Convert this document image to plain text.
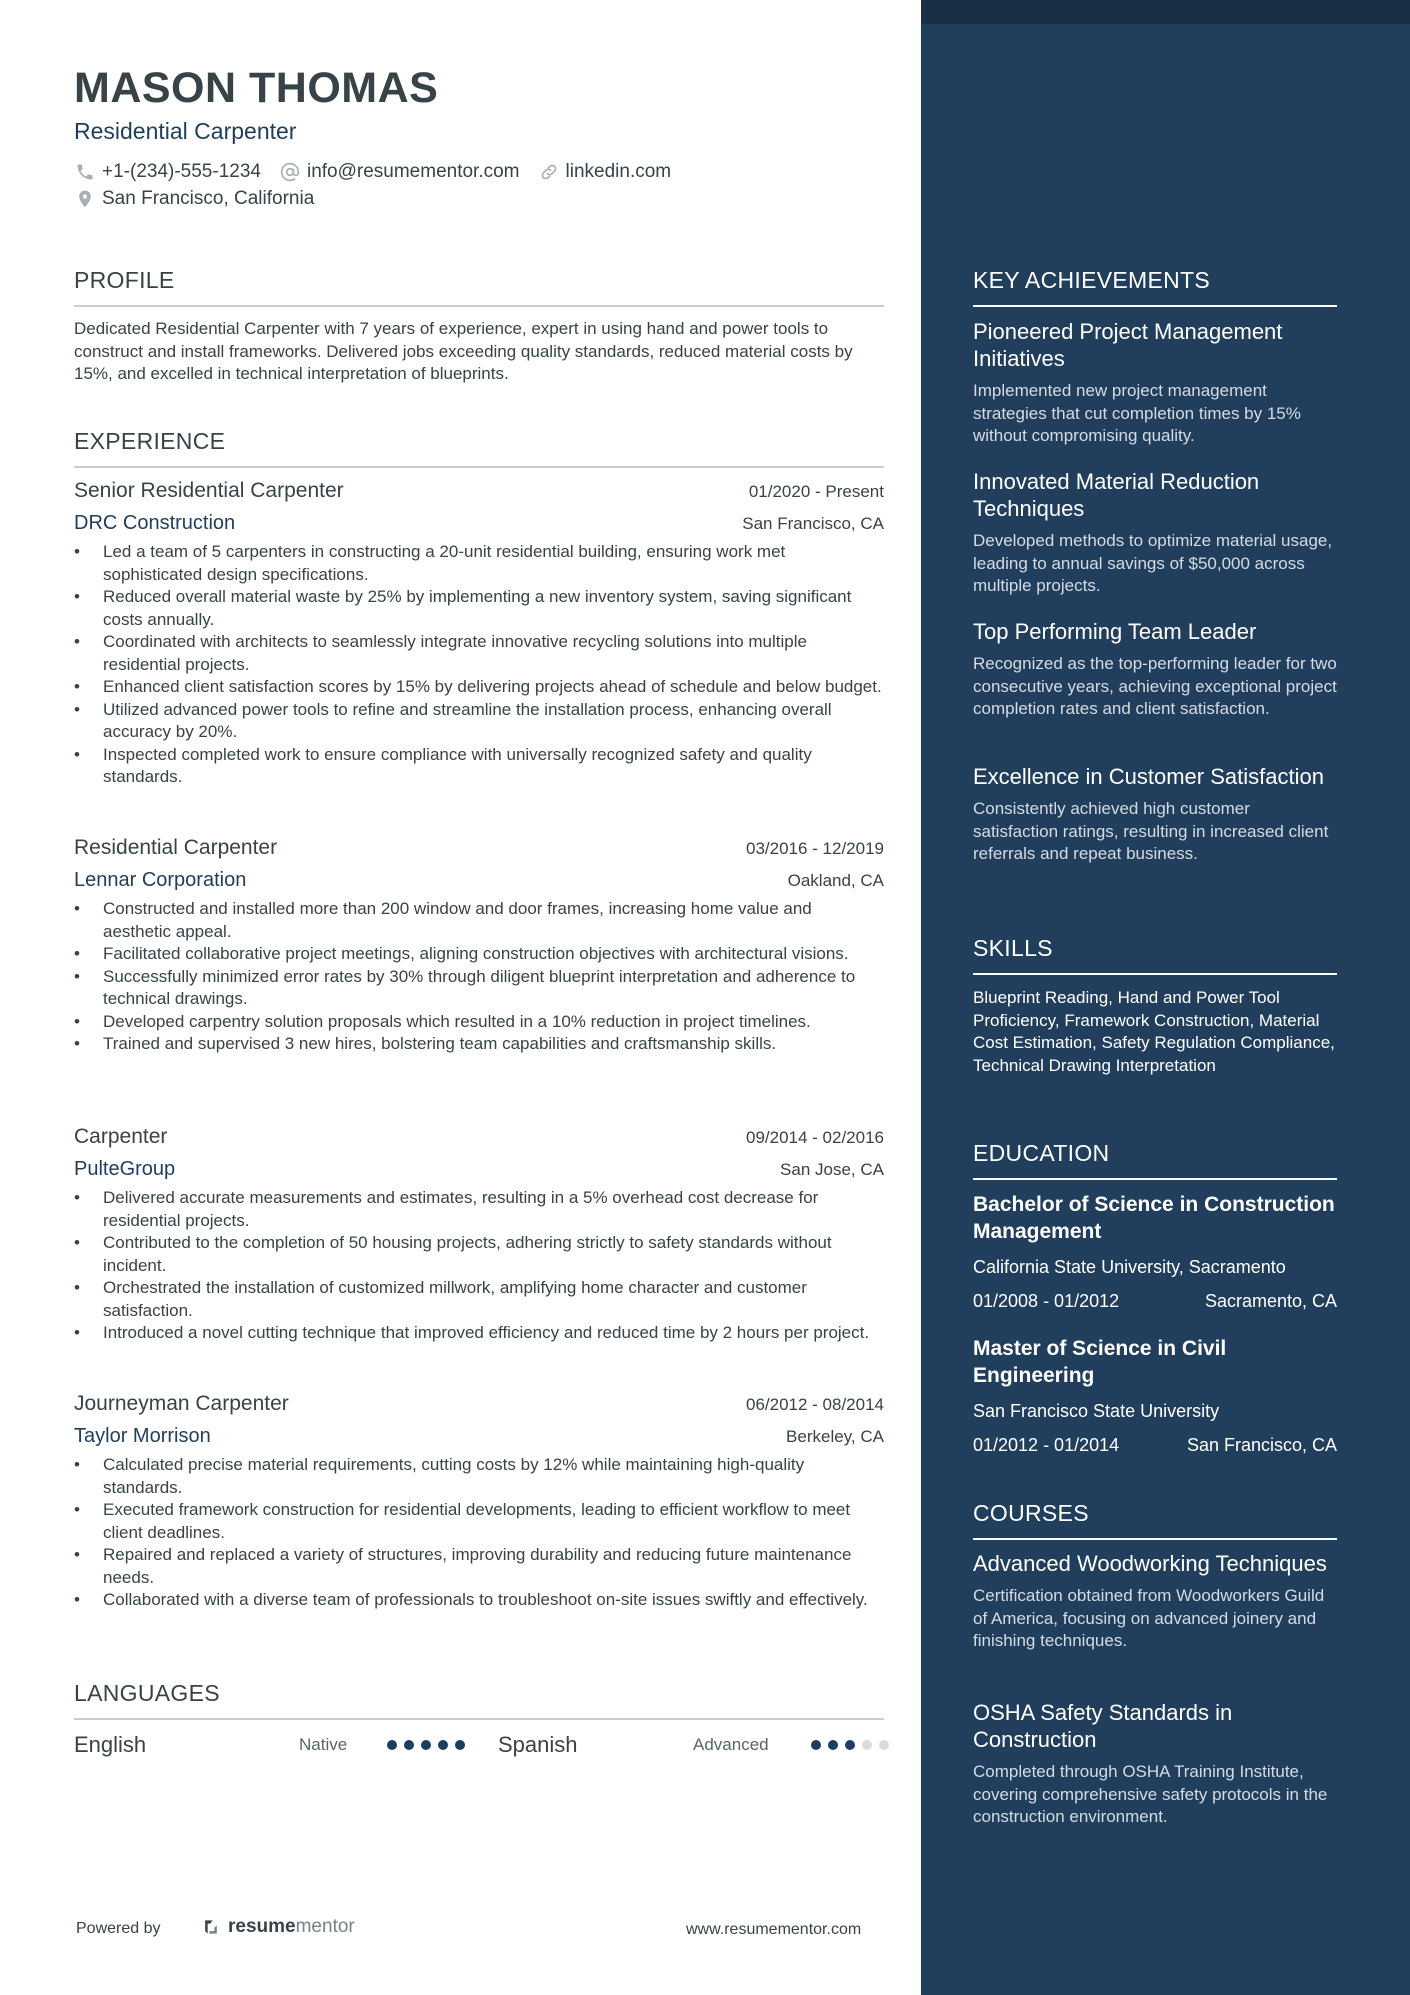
MASON THOMAS
Residential Carpenter
+1-(234)-555-1234 info@resumementor.com linkedin.com
San Francisco, California
PROFILE
Dedicated Residential Carpenter with 7 years of experience, expert in using hand and power tools to construct and install frameworks. Delivered jobs exceeding quality standards, reduced material costs by 15%, and excelled in technical interpretation of blueprints.
EXPERIENCE
Senior Residential Carpenter	01/2020 - Present
DRC Construction	San Francisco, CA
• Led a team of 5 carpenters in constructing a 20-unit residential building, ensuring work met sophisticated design specifications.
• Reduced overall material waste by 25% by implementing a new inventory system, saving significant costs annually.
• Coordinated with architects to seamlessly integrate innovative recycling solutions into multiple residential projects.
• Enhanced client satisfaction scores by 15% by delivering projects ahead of schedule and below budget.
• Utilized advanced power tools to refine and streamline the installation process, enhancing overall accuracy by 20%.
• Inspected completed work to ensure compliance with universally recognized safety and quality standards.
Residential Carpenter	03/2016 - 12/2019
Lennar Corporation	Oakland, CA
• Constructed and installed more than 200 window and door frames, increasing home value and aesthetic appeal.
• Facilitated collaborative project meetings, aligning construction objectives with architectural visions.
• Successfully minimized error rates by 30% through diligent blueprint interpretation and adherence to technical drawings.
• Developed carpentry solution proposals which resulted in a 10% reduction in project timelines.
• Trained and supervised 3 new hires, bolstering team capabilities and craftsmanship skills.
Carpenter	09/2014 - 02/2016
PulteGroup	San Jose, CA
• Delivered accurate measurements and estimates, resulting in a 5% overhead cost decrease for residential projects.
• Contributed to the completion of 50 housing projects, adhering strictly to safety standards without incident.
• Orchestrated the installation of customized millwork, amplifying home character and customer satisfaction.
• Introduced a novel cutting technique that improved efficiency and reduced time by 2 hours per project.
Journeyman Carpenter	06/2012 - 08/2014
Taylor Morrison	Berkeley, CA
• Calculated precise material requirements, cutting costs by 12% while maintaining high-quality standards.
• Executed framework construction for residential developments, leading to efficient workflow to meet client deadlines.
• Repaired and replaced a variety of structures, improving durability and reducing future maintenance needs.
• Collaborated with a diverse team of professionals to troubleshoot on-site issues swiftly and effectively.
LANGUAGES
English	Native	Spanish	Advanced
Powered by	resume mentor	www.resumementor.com
KEY ACHIEVEMENTS
Pioneered Project Management Initiatives
Implemented new project management strategies that cut completion times by 15% without compromising quality.
Innovated Material Reduction Techniques
Developed methods to optimize material usage, leading to annual savings of $50,000 across multiple projects.
Top Performing Team Leader
Recognized as the top-performing leader for two consecutive years, achieving exceptional project completion rates and client satisfaction.
Excellence in Customer Satisfaction
Consistently achieved high customer satisfaction ratings, resulting in increased client referrals and repeat business.
SKILLS
Blueprint Reading, Hand and Power Tool Proficiency, Framework Construction, Material Cost Estimation, Safety Regulation Compliance, Technical Drawing Interpretation
EDUCATION
Bachelor of Science in Construction Management
California State University, Sacramento
01/2008 - 01/2012	Sacramento, CA
Master of Science in Civil Engineering
San Francisco State University
01/2012 - 01/2014	San Francisco, CA
COURSES
Advanced Woodworking Techniques
Certification obtained from Woodworkers Guild of America, focusing on advanced joinery and finishing techniques.
OSHA Safety Standards in Construction
Completed through OSHA Training Institute, covering comprehensive safety protocols in the construction environment.
